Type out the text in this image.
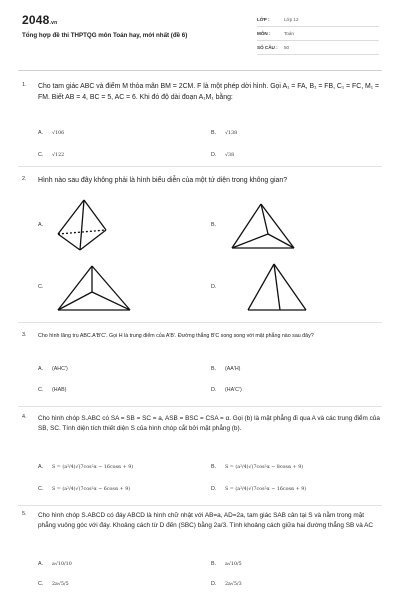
2048.vn
Tổng hợp đề thi THPTQG môn Toán hay, mới nhất (đề 6)
LỚP :	Lớp 12
MÔN :	Toán
SỐ CÂU : 50
1. Cho tam giác ABC và điểm M thỏa mãn BM = 2CM. F là một phép dời hình. Gọi A₁ = FA, B₁ = FB, C₁ = FC, M₁ = FM. Biết AB = 4, BC = 5, AC = 6. Khi đó độ dài đoạn A₁M₁ bằng:
A. √106	B. √138
C. √122	D. √38
2. Hình nào sau đây không phải là hình biểu diễn của một tứ diện trong không gian?
A.	B.
C.	D.
3. Cho hình lăng trụ ABC.A'B'C'. Gọi H là trung điểm của A'B'. Đường thẳng B'C song song với mặt phẳng nào sau đây?
A. (AHC')	B. (AA'H)
C. (HAB)	D. (HA'C')
4. Cho hình chóp S.ABC có SA = SB = SC = a, ASB = BSC = CSA = α. Gọi (b) là mặt phẳng đi qua A và các trung điểm của SB, SC. Tính diện tích thiết diện S của hình chóp cắt bởi mặt phẳng (b).
A. S = (a²/4)√(7cos²α − 16cosα + 9)	B. S = (a²/4)√(7cos²α − 8cosα + 9)
C. S = (a²/4)√(7cos²α − 6cosα + 9)	D. S = (a²/4)√(7cos²α − 16cosα + 9)
5. Cho hình chóp S.ABCD có đáy ABCD là hình chữ nhật với AB=a, AD=2a, tam giác SAB cân tại S và nằm trong mặt phẳng vuông góc với đáy. Khoảng cách từ D đến (SBC) bằng 2a/3. Tính khoảng cách giữa hai đường thẳng SB và AC
A. a√10/10	B. a√10/5
C. 2a√5/5	D. 2a√5/3
